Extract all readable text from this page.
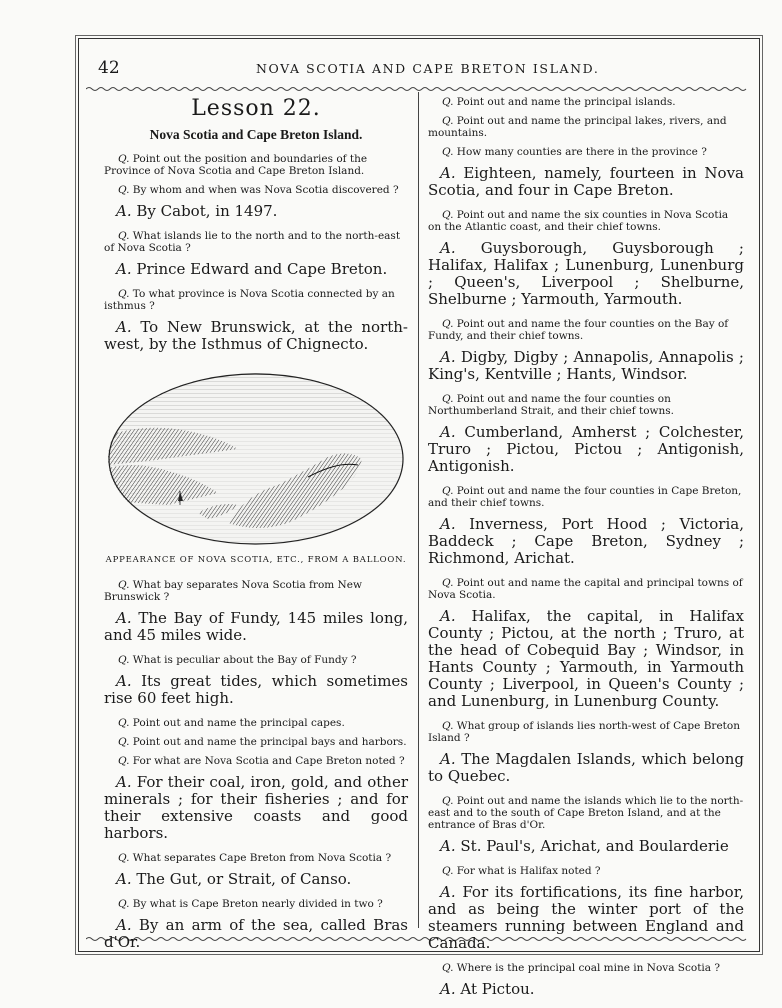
42	NOVA SCOTIA AND CAPE BRETON ISLAND.
Lesson 22.
Nova Scotia and Cape Breton Island.

Q. Point out the position and boundaries of the Province of Nova Scotia and Cape Breton Island.

Q. By whom and when was Nova Scotia discovered ?

A. By Cabot, in 1497.

Q. What islands lie to the north and to the north-east of Nova Scotia ?

A. Prince Edward and Cape Breton.

Q. To what province is Nova Scotia connected by an isthmus ?

A. To New Brunswick, at the north-west, by the Isthmus of Chignecto.

APPEARANCE OF NOVA SCOTIA, ETC., FROM A BALLOON.

Q. What bay separates Nova Scotia from New Brunswick ?

A. The Bay of Fundy, 145 miles long, and 45 miles wide.

Q. What is peculiar about the Bay of Fundy ?

A. Its great tides, which sometimes rise 60 feet high.

Q. Point out and name the principal capes.

Q. Point out and name the principal bays and harbors.

Q. For what are Nova Scotia and Cape Breton noted ?

A. For their coal, iron, gold, and other minerals ; for their fisheries ; and for their extensive coasts and good harbors.

Q. What separates Cape Breton from Nova Scotia ?

A. The Gut, or Strait, of Canso.

Q. By what is Cape Breton nearly divided in two ?

A. By an arm of the sea, called Bras d'Or.

Q. Point out and name the principal islands.

Q. Point out and name the principal lakes, rivers, and mountains.

Q. How many counties are there in the province ?

A. Eighteen, namely, fourteen in Nova Scotia, and four in Cape Breton.

Q. Point out and name the six counties in Nova Scotia on the Atlantic coast, and their chief towns.

A. Guysborough, Guysborough ; Halifax, Halifax ; Lunenburg, Lunenburg ; Queen's, Liverpool ; Shelburne, Shelburne ; Yarmouth, Yarmouth.

Q. Point out and name the four counties on the Bay of Fundy, and their chief towns.

A. Digby, Digby ; Annapolis, Annapolis ; King's, Kentville ; Hants, Windsor.

Q. Point out and name the four counties on Northumberland Strait, and their chief towns.

A. Cumberland, Amherst ; Colchester, Truro ; Pictou, Pictou ; Antigonish, Antigonish.

Q. Point out and name the four counties in Cape Breton, and their chief towns.

A. Inverness, Port Hood ; Victoria, Baddeck ; Cape Breton, Sydney ; Richmond, Arichat.

Q. Point out and name the capital and principal towns of Nova Scotia.

A. Halifax, the capital, in Halifax County ; Pictou, at the north ; Truro, at the head of Cobequid Bay ; Windsor, in Hants County ; Yarmouth, in Yarmouth County ; Liverpool, in Queen's County ; and Lunenburg, in Lunenburg County.

Q. What group of islands lies north-west of Cape Breton Island ?

A. The Magdalen Islands, which belong to Quebec.

Q. Point out and name the islands which lie to the north-east and to the south of Cape Breton Island, and at the entrance of Bras d'Or.

A. St. Paul's, Arichat, and Boularderie

Q. For what is Halifax noted ?

A. For its fortifications, its fine harbor, and as being the winter port of the steamers running between England and Canada.

Q. Where is the principal coal mine in Nova Scotia ?

A. At Pictou.
